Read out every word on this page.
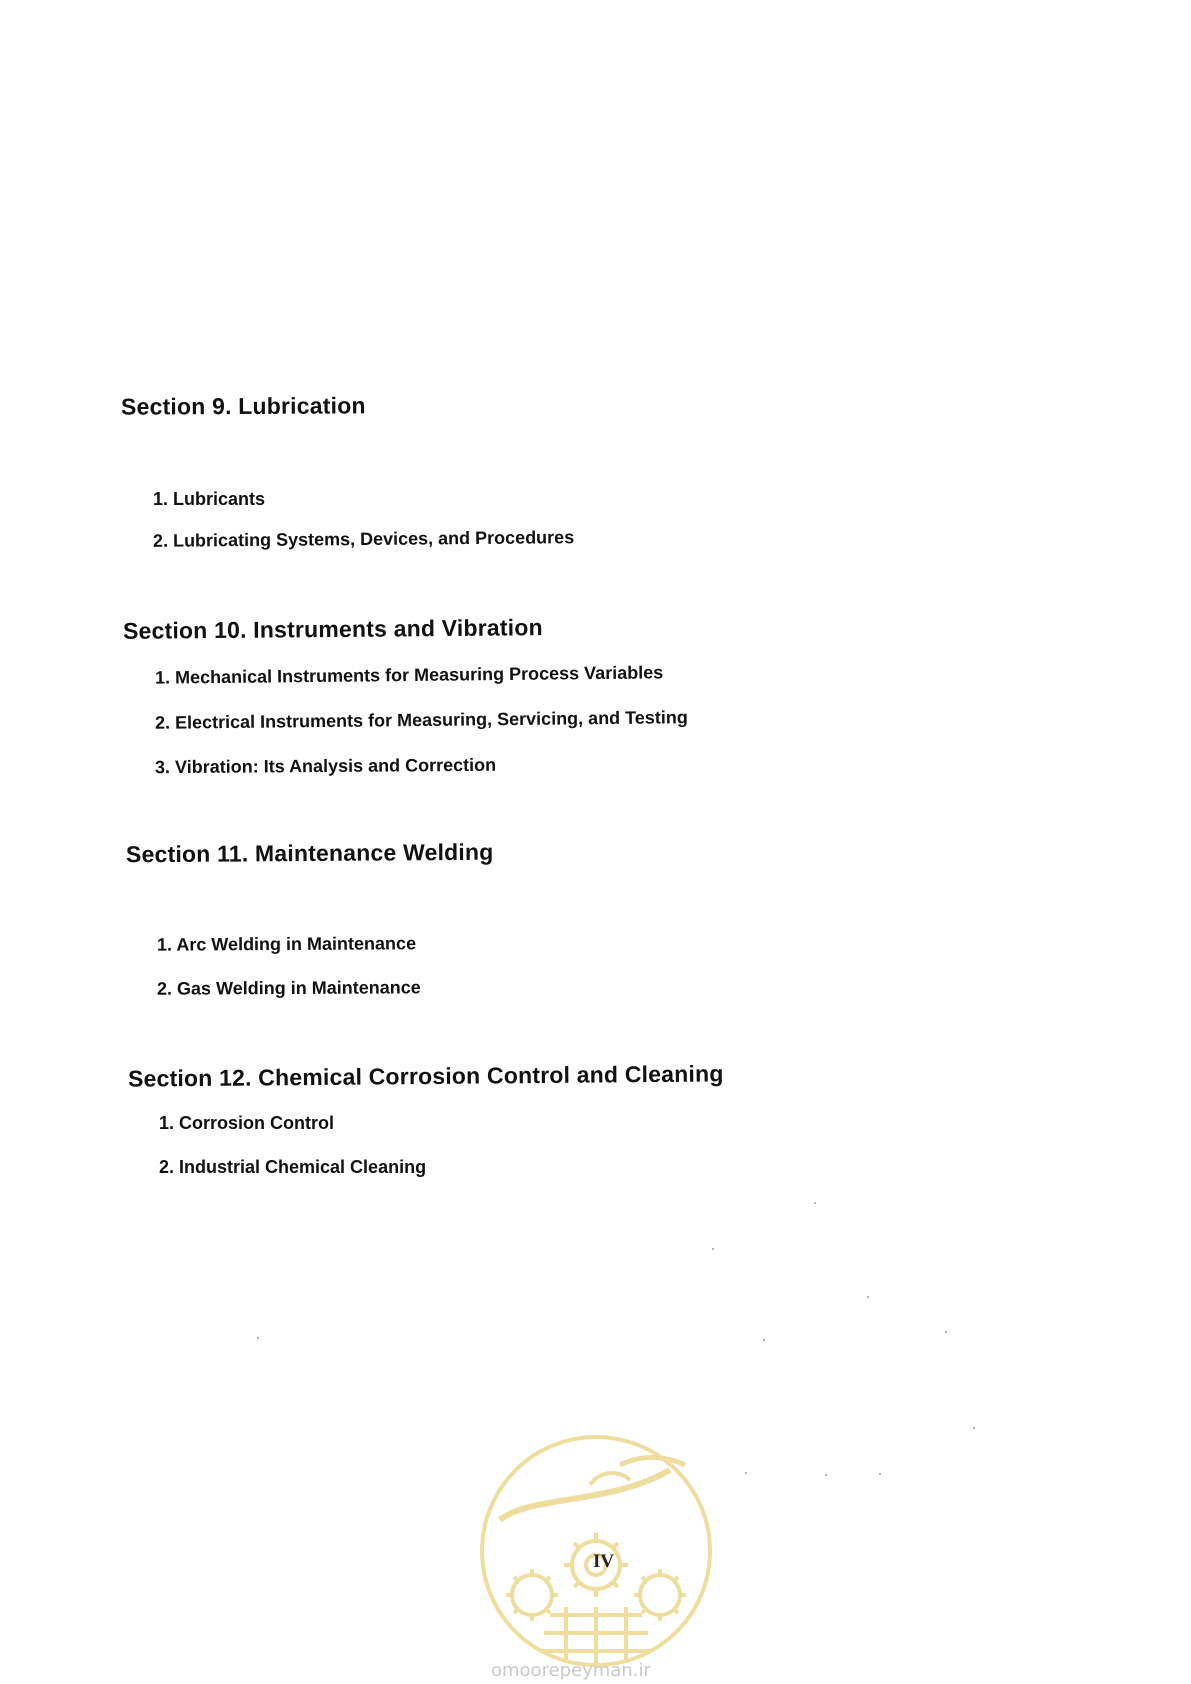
Section 9. Lubrication
1. Lubricants
2. Lubricating Systems, Devices, and Procedures
Section 10. Instruments and Vibration
1. Mechanical Instruments for Measuring Process Variables
2. Electrical Instruments for Measuring, Servicing, and Testing
3. Vibration: Its Analysis and Correction
Section 11. Maintenance Welding
1. Arc Welding in Maintenance
2. Gas Welding in Maintenance
Section 12. Chemical Corrosion Control and Cleaning
1. Corrosion Control
2. Industrial Chemical Cleaning
IV
omoorepeyman.ir
